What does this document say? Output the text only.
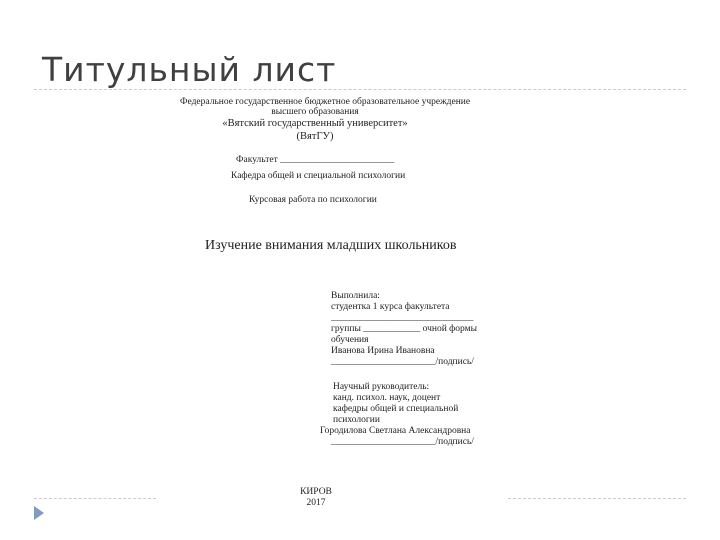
Титульный лист
Федеральное государственное бюджетное образовательное учреждение
высшего образования
«Вятский государственный университет»
(ВятГУ)
Факультет ________________________
Кафедра общей и специальной психологии
Курсовая работа по психологии
Изучение внимания младших школьников
Выполнила:
студентка 1 курса факультета
______________________________
группы ____________ очной формы
обучения
Иванова Ирина Ивановна
______________________/подпись/
Научный руководитель:
канд. психол. наук, доцент
кафедры общей и специальной
психологии
Городилова Светлана Александровна
______________________/подпись/
КИРОВ
2017
